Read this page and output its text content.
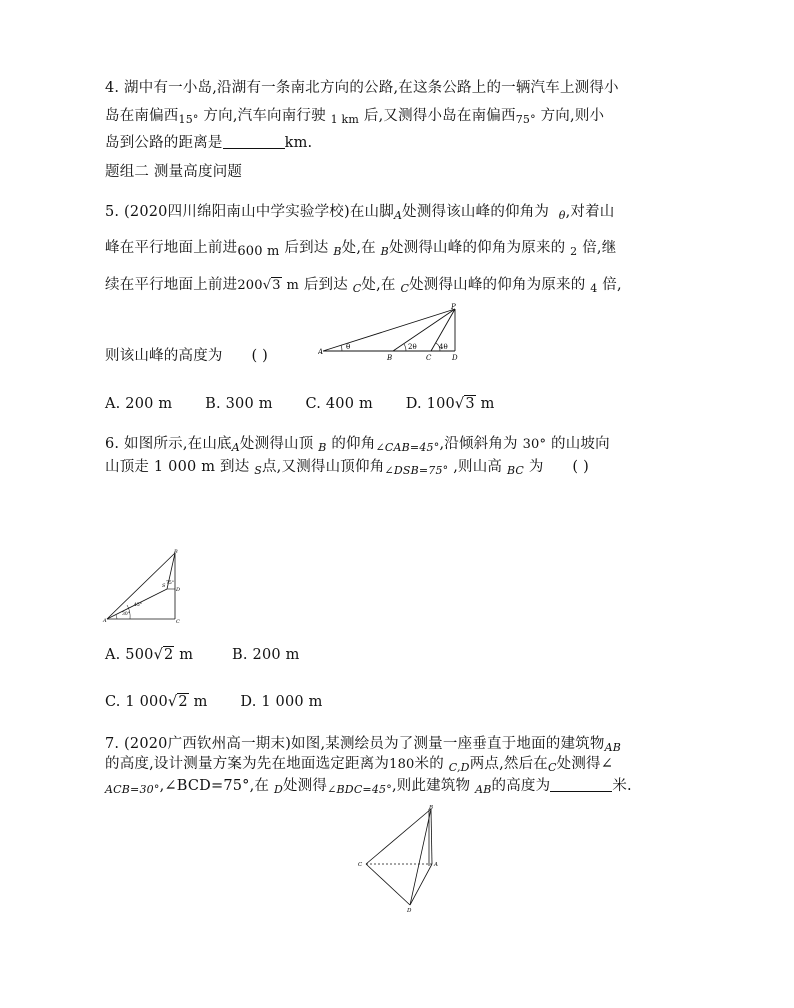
4. 湖中有一小岛,沿湖有一条南北方向的公路,在这条公路上的一辆汽车上测得小
岛在南偏西$_{15^\circ}$ 方向,汽车向南行驶 $_{1 km}$ 后,又测得小岛在南偏西$_{75^\circ}$ 方向,则小
岛到公路的距离是	km.
题组二 测量高度问题
5. (2020四川绵阳南山中学实验学校)在山脚$_A$处测得该山峰的仰角为 $_\theta$,对着山
峰在平行地面上前进600 m 后到达 $_B$处,在 $_B$处测得山峰的仰角为原来的 $_2$ 倍,继
续在平行地面上前进200√3 m 后到达 $_C$处,在 $_C$处测得山峰的仰角为原来的 $_4$ 倍,
则该山峰的高度为 ( )
P
A
B	C	D
θ	2θ	4θ
A. 200 m B. 300 m C. 400 m D. 100√3 m
6. 如图所示,在山底$_A$处测得山顶 $_B$ 的仰角$_{\angle CAB=45^\circ}$,沿倾斜角为 30° 的山坡向
山顶走 1 000 m 到达 $_S$点,又测得山顶仰角$_{\angle DSB=75^\circ}$ ,则山高 $_{BC}$ 为 ( )
B
S
D
A	C
75°
45°
30°
A. 500√2 m	B. 200 m
C. 1 000√2 m D. 1 000 m
7. (2020广西钦州高一期末)如图,某测绘员为了测量一座垂直于地面的建筑物$_{AB}$
的高度,设计测量方案为先在地面选定距离为180米的 $_{C,D}$两点,然后在$_C$处测得∠
$_{ACB=30^\circ}$,∠BCD=75°,在 $_D$处测得$_{\angle BDC=45^\circ}$,则此建筑物 $_{AB}$的高度为	米.
B
C	A
D
